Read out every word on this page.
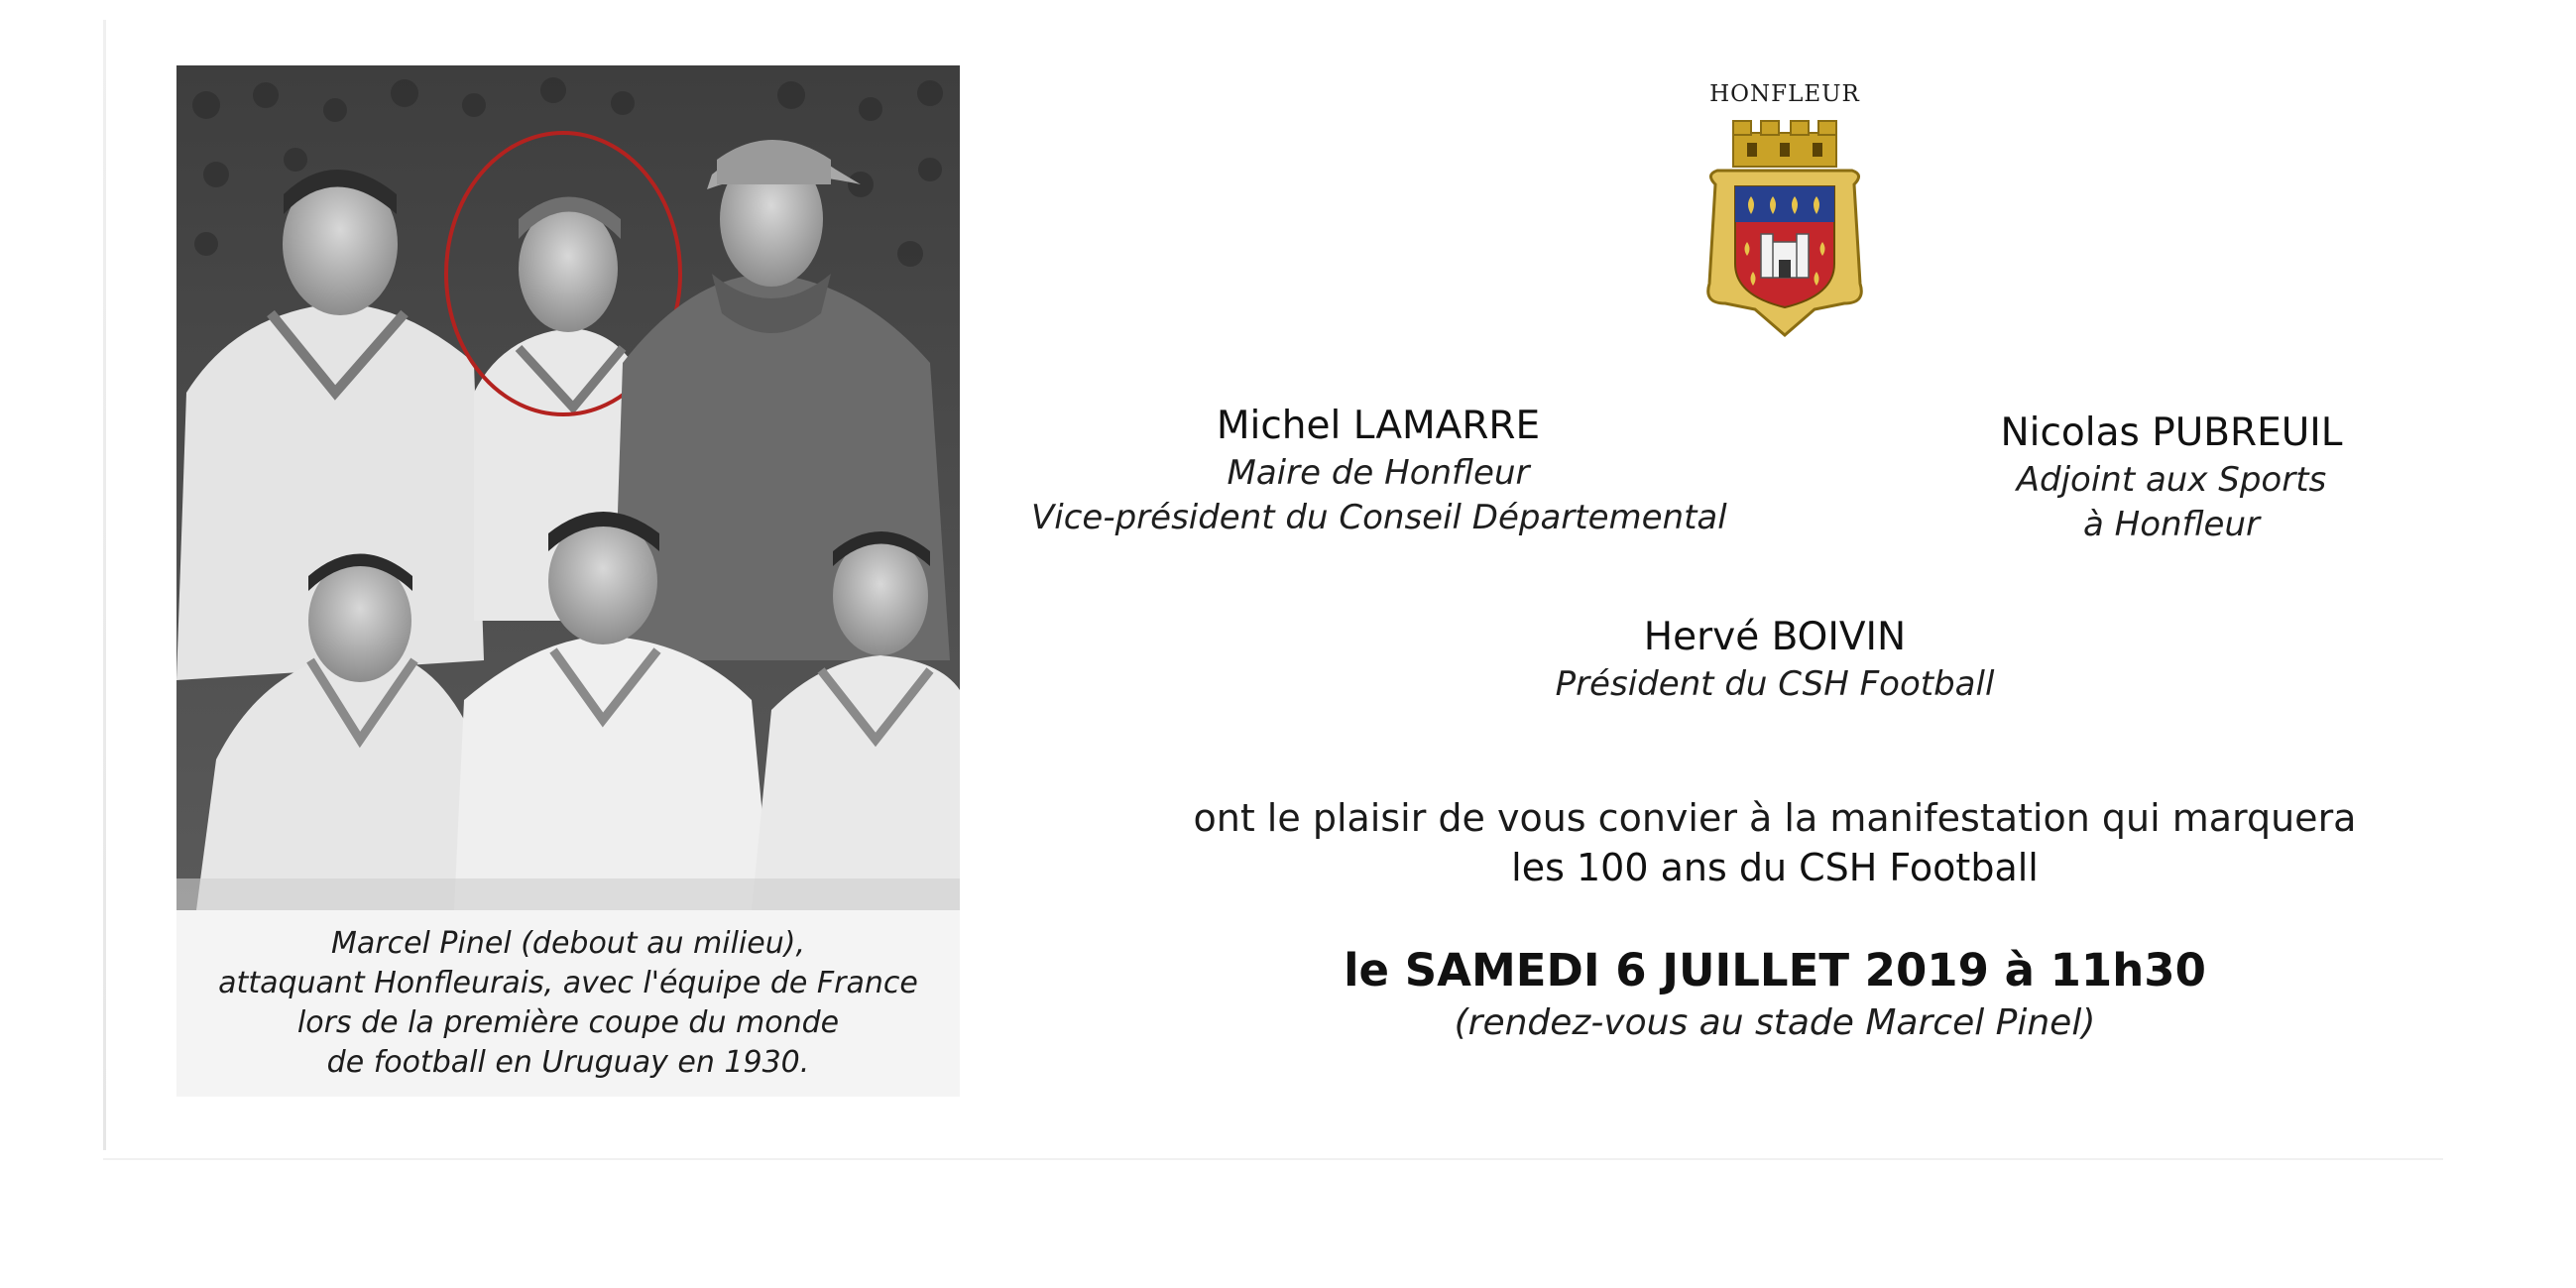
Marcel Pinel (debout au milieu),
attaquant Honfleurais, avec l'équipe de France
lors de la première coupe du monde
de football en Uruguay en 1930.
HONFLEUR
Michel LAMARRE
Maire de Honfleur
Vice-président du Conseil Départemental
Nicolas PUBREUIL
Adjoint aux Sports
à Honfleur
Hervé BOIVIN
Président du CSH Football
ont le plaisir de vous convier à la manifestation qui marquera
les 100 ans du CSH Football
le SAMEDI 6 JUILLET 2019 à 11h30
(rendez-vous au stade Marcel Pinel)
